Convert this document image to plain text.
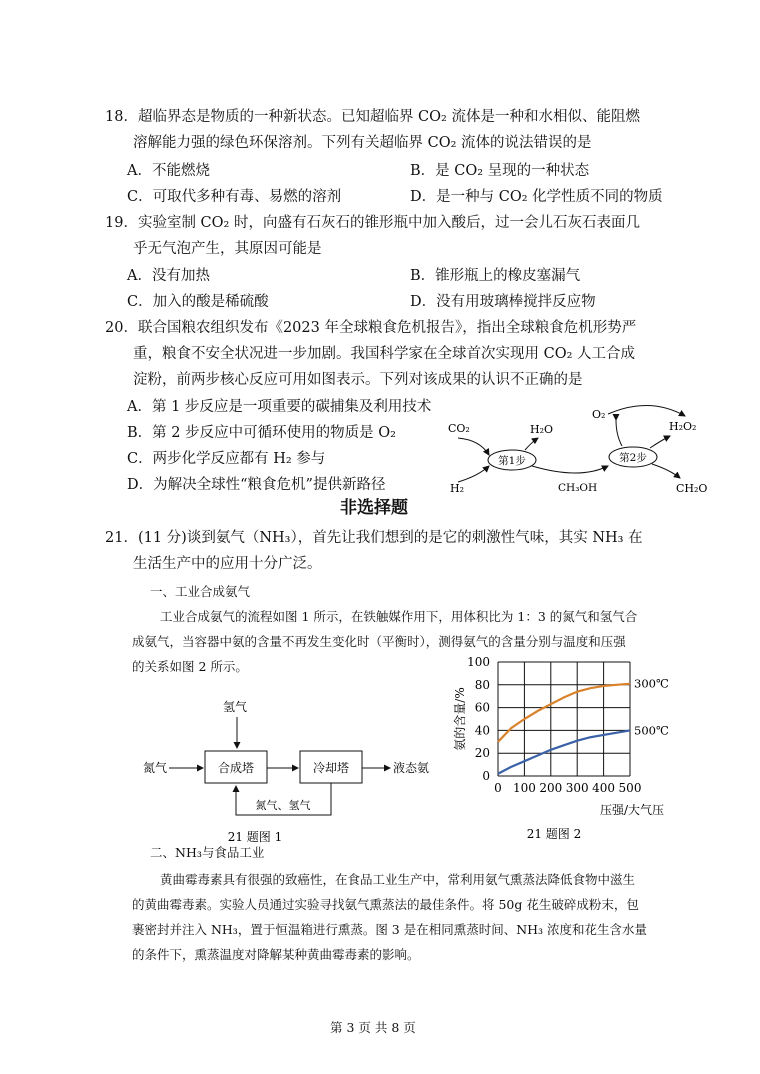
18．超临界态是物质的一种新状态。已知超临界 CO₂ 流体是一种和水相似、能阻燃
溶解能力强的绿色环保溶剂。下列有关超临界 CO₂ 流体的说法错误的是
A．不能燃烧	B．是 CO₂ 呈现的一种状态
C．可取代多种有毒、易燃的溶剂	D．是一种与 CO₂ 化学性质不同的物质
19．实验室制 CO₂ 时，向盛有石灰石的锥形瓶中加入酸后，过一会儿石灰石表面几
乎无气泡产生，其原因可能是
A．没有加热	B．锥形瓶上的橡皮塞漏气
C．加入的酸是稀硫酸	D．没有用玻璃棒搅拌反应物
20．联合国粮农组织发布《2023 年全球粮食危机报告》，指出全球粮食危机形势严
重，粮食不安全状况进一步加剧。我国科学家在全球首次实现用 CO₂ 人工合成
淀粉，前两步核心反应可用如图表示。下列对该成果的认识不正确的是
A．第 1 步反应是一项重要的碳捕集及利用技术
B．第 2 步反应中可循环使用的物质是 O₂
C．两步化学反应都有 H₂ 参与
D．为解决全球性“粮食危机”提供新路径
CO₂	H₂O
H₂
第1步
CH₃OH
第2步
O₂
H₂O₂
CH₂O
非选择题
21．(11 分)谈到氨气（NH₃），首先让我们想到的是它的刺激性气味，其实 NH₃ 在
生活生产中的应用十分广泛。
一、工业合成氨气
工业合成氨气的流程如图 1 所示，在铁触媒作用下，用体积比为 1：3 的氮气和氢气合
成氨气，当容器中氨的含量不再发生变化时（平衡时），测得氨气的含量分别与温度和压强
的关系如图 2 所示。
氢气
氮气	合成塔	冷却塔	液态氨
氮气、氢气
21 题图 1
300℃
500℃
0 100 200 300 400 500
0
20
40
60
80
100
氨的含量/%
压强/大气压
21 题图 2
二、NH₃与食品工业
黄曲霉毒素具有很强的致癌性，在食品工业生产中，常利用氨气熏蒸法降低食物中滋生
的黄曲霉毒素。实验人员通过实验寻找氨气熏蒸法的最佳条件。将 50g 花生破碎成粉末，包
裹密封并注入 NH₃，置于恒温箱进行熏蒸。图 3 是在相同熏蒸时间、NH₃ 浓度和花生含水量
的条件下，熏蒸温度对降解某种黄曲霉毒素的影响。
第 3 页 共 8 页
